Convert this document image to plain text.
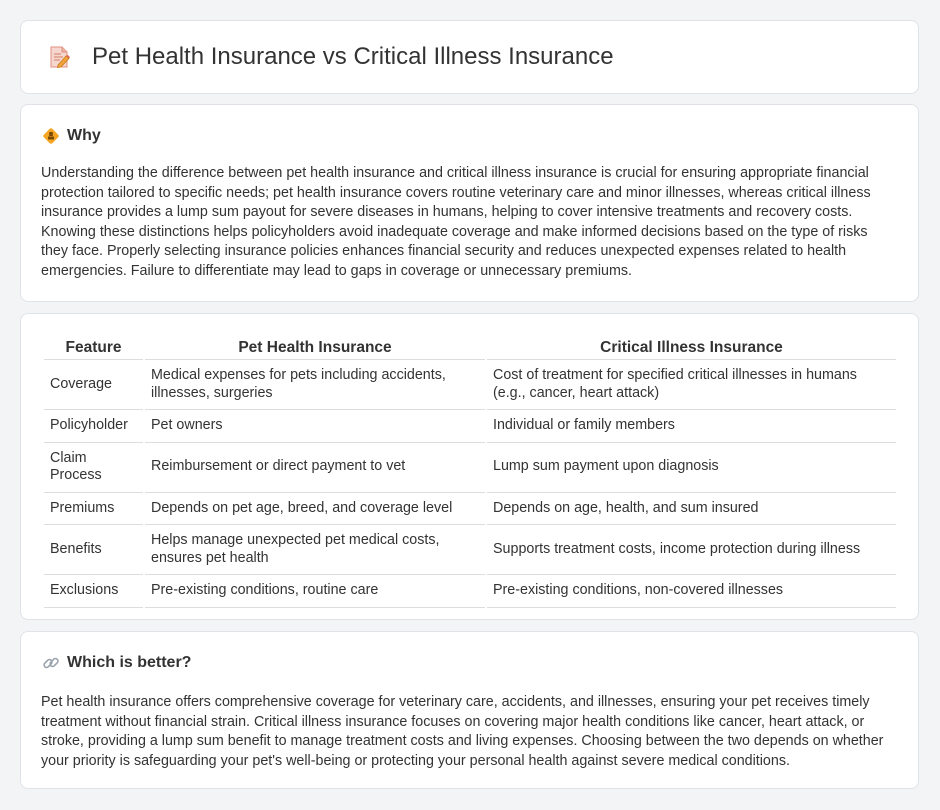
Pet Health Insurance vs Critical Illness Insurance
Why

Understanding the difference between pet health insurance and critical illness insurance is crucial for ensuring appropriate financial protection tailored to specific needs; pet health insurance covers routine veterinary care and minor illnesses, whereas critical illness insurance provides a lump sum payout for severe diseases in humans, helping to cover intensive treatments and recovery costs. Knowing these distinctions helps policyholders avoid inadequate coverage and make informed decisions based on the type of risks they face. Properly selecting insurance policies enhances financial security and reduces unexpected expenses related to health emergencies. Failure to differentiate may lead to gaps in coverage or unnecessary premiums.

Feature	Pet Health Insurance	Critical Illness Insurance
Coverage	Medical expenses for pets including accidents, illnesses, surgeries	Cost of treatment for specified critical illnesses in humans (e.g., cancer, heart attack)
Policyholder	Pet owners	Individual or family members
Claim Process	Reimbursement or direct payment to vet	Lump sum payment upon diagnosis
Premiums	Depends on pet age, breed, and coverage level	Depends on age, health, and sum insured
Benefits	Helps manage unexpected pet medical costs, ensures pet health	Supports treatment costs, income protection during illness
Exclusions	Pre-existing conditions, routine care	Pre-existing conditions, non-covered illnesses
Which is better?

Pet health insurance offers comprehensive coverage for veterinary care, accidents, and illnesses, ensuring your pet receives timely treatment without financial strain. Critical illness insurance focuses on covering major health conditions like cancer, heart attack, or stroke, providing a lump sum benefit to manage treatment costs and living expenses. Choosing between the two depends on whether your priority is safeguarding your pet's well-being or protecting your personal health against severe medical conditions.
